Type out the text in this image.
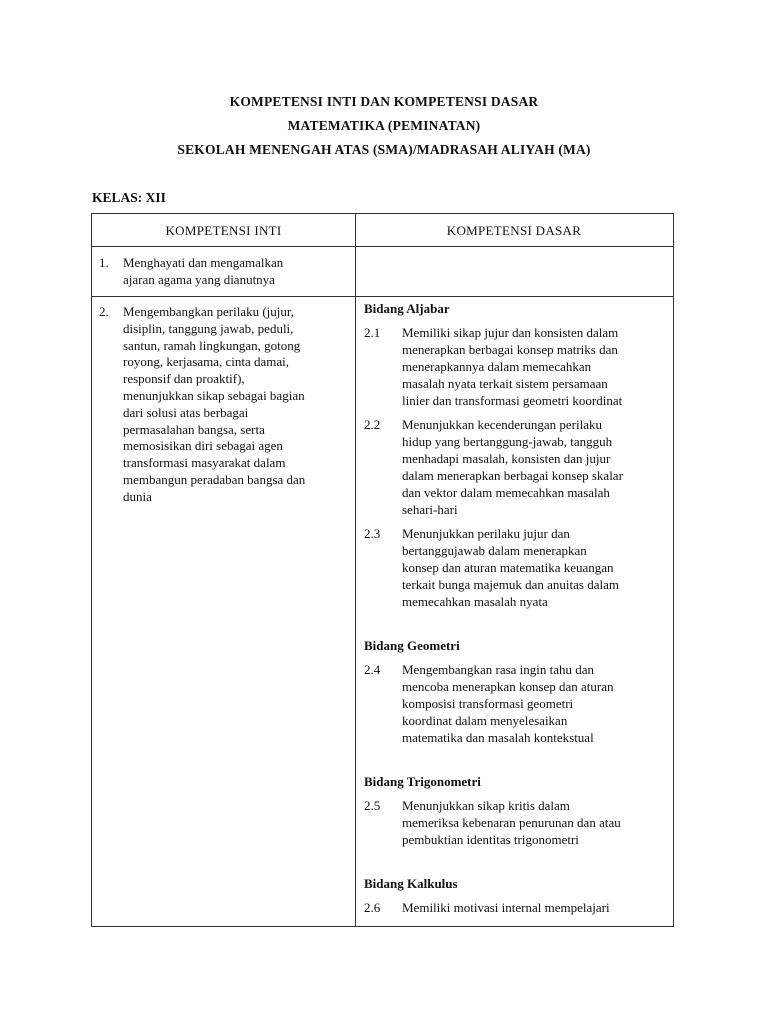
KOMPETENSI INTI DAN KOMPETENSI DASAR
MATEMATIKA (PEMINATAN)
SEKOLAH MENENGAH ATAS (SMA)/MADRASAH ALIYAH (MA)
KELAS: XII
KOMPETENSI INTI	KOMPETENSI DASAR
1. Menghayati dan mengamalkan
ajaran agama yang dianutnya
2. Mengembangkan perilaku (jujur,
disiplin, tanggung jawab, peduli,
santun, ramah lingkungan, gotong
royong, kerjasama, cinta damai,
responsif dan proaktif),
menunjukkan sikap sebagai bagian
dari solusi atas berbagai
permasalahan bangsa, serta
memosisikan diri sebagai agen
transformasi masyarakat dalam
membangun peradaban bangsa dan
dunia
Bidang Aljabar
2.1 Memiliki sikap jujur dan konsisten dalam
menerapkan berbagai konsep matriks dan
menerapkannya dalam memecahkan
masalah nyata terkait sistem persamaan
linier dan transformasi geometri koordinat
2.2 Menunjukkan kecenderungan perilaku
hidup yang bertanggung-jawab, tangguh
menhadapi masalah, konsisten dan jujur
dalam menerapkan berbagai konsep skalar
dan vektor dalam memecahkan masalah
sehari-hari
2.3 Menunjukkan perilaku jujur dan
bertanggujawab dalam menerapkan
konsep dan aturan matematika keuangan
terkait bunga majemuk dan anuitas dalam
memecahkan masalah nyata
Bidang Geometri
2.4 Mengembangkan rasa ingin tahu dan
mencoba menerapkan konsep dan aturan
komposisi transformasi geometri
koordinat dalam menyelesaikan
matematika dan masalah kontekstual
Bidang Trigonometri
2.5 Menunjukkan sikap kritis dalam
memeriksa kebenaran penurunan dan atau
pembuktian identitas trigonometri
Bidang Kalkulus
2.6 Memiliki motivasi internal mempelajari
